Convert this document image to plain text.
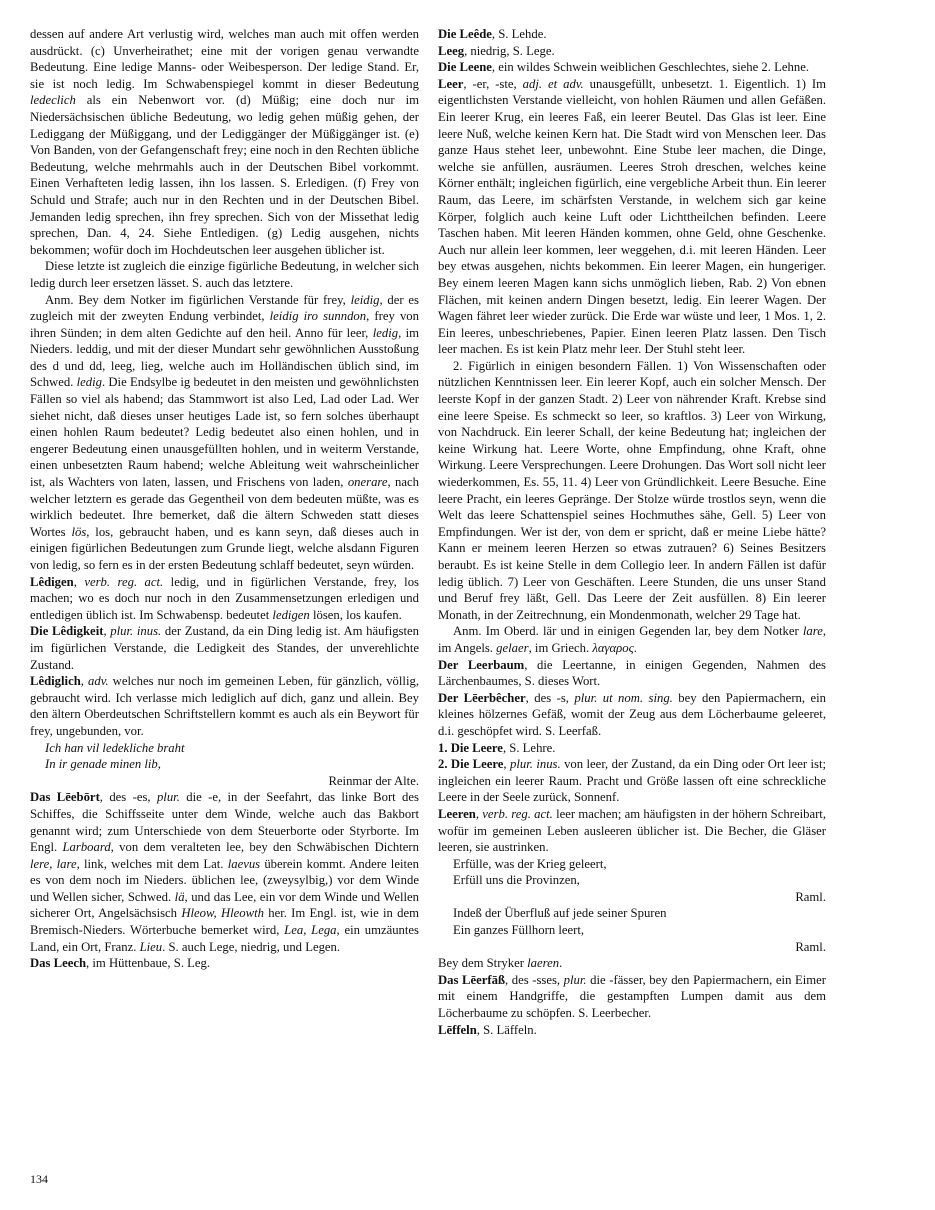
dessen auf andere Art verlustig wird, welches man auch mit offen werden ausdrückt. (c) Unverheirathet; eine mit der vorigen genau verwandte Bedeutung. Eine ledige Manns- oder Weibesperson. Der ledige Stand. Er, sie ist noch ledig. Im Schwabenspiegel kommt in dieser Bedeutung ledeclich als ein Nebenwort vor. (d) Müßig; eine doch nur im Niedersächsischen übliche Bedeutung, wo ledig gehen müßig gehen, der Lediggang der Müßiggang, und der Lediggänger der Müßiggänger ist. (e) Von Banden, von der Gefangenschaft frey; eine noch in den Rechten übliche Bedeutung, welche mehrmahls auch in der Deutschen Bibel vorkommt. Einen Verhafteten ledig lassen, ihn los lassen. S. Erledigen. (f) Frey von Schuld und Strafe; auch nur in den Rechten und in der Deutschen Bibel. Jemanden ledig sprechen, ihn frey sprechen. Sich von der Missethat ledig sprechen, Dan. 4, 24. Siehe Entledigen. (g) Ledig ausgehen, nichts bekommen; wofür doch im Hochdeutschen leer ausgehen üblicher ist.

Diese letzte ist zugleich die einzige figürliche Bedeutung, in welcher sich ledig durch leer ersetzen lässet. S. auch das letztere.

Anm. Bey dem Notker im figürlichen Verstande für frey, leidig, der es zugleich mit der zweyten Endung verbindet, leidig iro sunndon, frey von ihren Sünden; in dem alten Gedichte auf den heil. Anno für leer, ledig, im Nieders. leddig, und mit der dieser Mundart sehr gewöhnlichen Ausstoßung des d und dd, leeg, lieg, welche auch im Holländischen üblich sind, im Schwed. ledig. Die Endsylbe ig bedeutet in den meisten und gewöhnlichsten Fällen so viel als habend; das Stammwort ist also Led, Lad oder Lad. Wer siehet nicht, daß dieses unser heutiges Lade ist, so fern solches überhaupt einen hohlen Raum bedeutet? Ledig bedeutet also einen hohlen, und in engerer Bedeutung einen unausgefüllten hohlen, und in weiterm Verstande, einen unbesetzten Raum habend; welche Ableitung weit wahrscheinlicher ist, als Wachters von laten, lassen, und Frischens von laden, onerare, nach welcher letztern es gerade das Gegentheil von dem bedeuten müßte, was es wirklich bedeutet. Ihre bemerket, daß die ältern Schweden statt dieses Wortes lös, los, gebraucht haben, und es kann seyn, daß dieses auch in einigen figürlichen Bedeutungen zum Grunde liegt, welche alsdann Figuren von ledig, so fern es in der ersten Bedeutung schlaff bedeutet, seyn würden.

Lêdigen, verb. reg. act. ledig, und in figürlichen Verstande, frey, los machen; wo es doch nur noch in den Zusammensetzungen erledigen und entledigen üblich ist. Im Schwabensp. bedeutet ledigen lösen, los kaufen.

Die Lêdigkeit, plur. inus. der Zustand, da ein Ding ledig ist. Am häufigsten im figürlichen Verstande, die Ledigkeit des Standes, der unverehlichte Zustand.

Lêdiglich, adv. welches nur noch im gemeinen Leben, für gänzlich, völlig, gebraucht wird. Ich verlasse mich lediglich auf dich, ganz und allein. Bey den ältern Oberdeutschen Schriftstellern kommt es auch als ein Beywort für frey, ungebunden, vor.

Ich han vil ledekliche braht

In ir genade minen lib,

Reinmar der Alte.

Das Lēebōrt, des -es, plur. die -e, in der Seefahrt, das linke Bort des Schiffes, die Schiffsseite unter dem Winde, welche auch das Bakbort genannt wird; zum Unterschiede von dem Steuerborte oder Styrborte. Im Engl. Larboard, von dem veralteten lee, bey den Schwäbischen Dichtern lere, lare, link, welches mit dem Lat. laevus überein kommt. Andere leiten es von dem noch im Nieders. üblichen lee, (zweysylbig,) vor dem Winde und Wellen sicher, Schwed. lä, und das Lee, ein vor dem Winde und Wellen sicherer Ort, Angelsächsisch Hleow, Hleowth her. Im Engl. ist, wie in dem Bremisch-Nieders. Wörterbuche bemerket wird, Lea, Lega, ein umzäuntes Land, ein Ort, Franz. Lieu. S. auch Lege, niedrig, und Legen.

Das Leech, im Hüttenbaue, S. Leg.

Die Leêde, S. Lehde.

Leeg, niedrig, S. Lege.

Die Leene, ein wildes Schwein weiblichen Geschlechtes, siehe 2. Lehne.

Leer, -er, -ste, adj. et adv. unausgefüllt, unbesetzt. 1. Eigentlich. 1) Im eigentlichsten Verstande vielleicht, von hohlen Räumen und allen Gefäßen. Ein leerer Krug, ein leeres Faß, ein leerer Beutel. Das Glas ist leer. Eine leere Nuß, welche keinen Kern hat. Die Stadt wird von Menschen leer. Das ganze Haus stehet leer, unbewohnt. Eine Stube leer machen, die Dinge, welche sie anfüllen, ausräumen. Leeres Stroh dreschen, welches keine Körner enthält; ingleichen figürlich, eine vergebliche Arbeit thun. Ein leerer Raum, das Leere, im schärfsten Verstande, in welchem sich gar keine Körper, folglich auch keine Luft oder Lichttheilchen befinden. Leere Taschen haben. Mit leeren Händen kommen, ohne Geld, ohne Geschenke. Auch nur allein leer kommen, leer weggehen, d.i. mit leeren Händen. Leer bey etwas ausgehen, nichts bekommen. Ein leerer Magen, ein hungeriger. Bey einem leeren Magen kann sichs unmöglich lieben, Rab. 2) Von ebnen Flächen, mit keinen andern Dingen besetzt, ledig. Ein leerer Wagen. Der Wagen fähret leer wieder zurück. Die Erde war wüste und leer, 1 Mos. 1, 2. Ein leeres, unbeschriebenes, Papier. Einen leeren Platz lassen. Den Tisch leer machen. Es ist kein Platz mehr leer. Der Stuhl steht leer.

2. Figürlich in einigen besondern Fällen. 1) Von Wissenschaften oder nützlichen Kenntnissen leer. Ein leerer Kopf, auch ein solcher Mensch. Der leerste Kopf in der ganzen Stadt. 2) Leer von nährender Kraft. Krebse sind eine leere Speise. Es schmeckt so leer, so kraftlos. 3) Leer von Wirkung, von Nachdruck. Ein leerer Schall, der keine Bedeutung hat; ingleichen der keine Wirkung hat. Leere Worte, ohne Empfindung, ohne Kraft, ohne Wirkung. Leere Versprechungen. Leere Drohungen. Das Wort soll nicht leer wiederkommen, Es. 55, 11. 4) Leer von Gründlichkeit. Leere Besuche. Eine leere Pracht, ein leeres Gepränge. Der Stolze würde trostlos seyn, wenn die Welt das leere Schattenspiel seines Hochmuthes sähe, Gell. 5) Leer von Empfindungen. Wer ist der, von dem er spricht, daß er meine Liebe hätte? Kann er meinem leeren Herzen so etwas zutrauen? 6) Seines Besitzers beraubt. Es ist keine Stelle in dem Collegio leer. In andern Fällen ist dafür ledig üblich. 7) Leer von Geschäften. Leere Stunden, die uns unser Stand und Beruf frey läßt, Gell. Das Leere der Zeit ausfüllen. 8) Ein leerer Monath, in der Zeitrechnung, ein Mondenmonath, welcher 29 Tage hat.

Anm. Im Oberd. lär und in einigen Gegenden lar, bey dem Notker lare, im Angels. gelaer, im Griech. λαγαρος.

Der Leerbaum, die Leertanne, in einigen Gegenden, Nahmen des Lärchenbaumes, S. dieses Wort.

Der Lēerbêcher, des -s, plur. ut nom. sing. bey den Papiermachern, ein kleines hölzernes Gefäß, womit der Zeug aus dem Löcherbaume geleeret, d.i. geschöpfet wird. S. Leerfaß.

1. Die Leere, S. Lehre.

2. Die Leere, plur. inus. von leer, der Zustand, da ein Ding oder Ort leer ist; ingleichen ein leerer Raum. Pracht und Größe lassen oft eine schreckliche Leere in der Seele zurück, Sonnenf.

Leeren, verb. reg. act. leer machen; am häufigsten in der höhern Schreibart, wofür im gemeinen Leben ausleeren üblicher ist. Die Becher, die Gläser leeren, sie austrinken.

Erfülle, was der Krieg geleert,

Erfüll uns die Provinzen,

Raml.

Indeß der Überfluß auf jede seiner Spuren

Ein ganzes Füllhorn leert,

Raml.

Bey dem Stryker laeren.

Das Lēerfāß, des -sses, plur. die -fässer, bey den Papiermachern, ein Eimer mit einem Handgriffe, die gestampften Lumpen damit aus dem Löcherbaume zu schöpfen. S. Leerbecher.

Lēffeln, S. Läffeln.

134
